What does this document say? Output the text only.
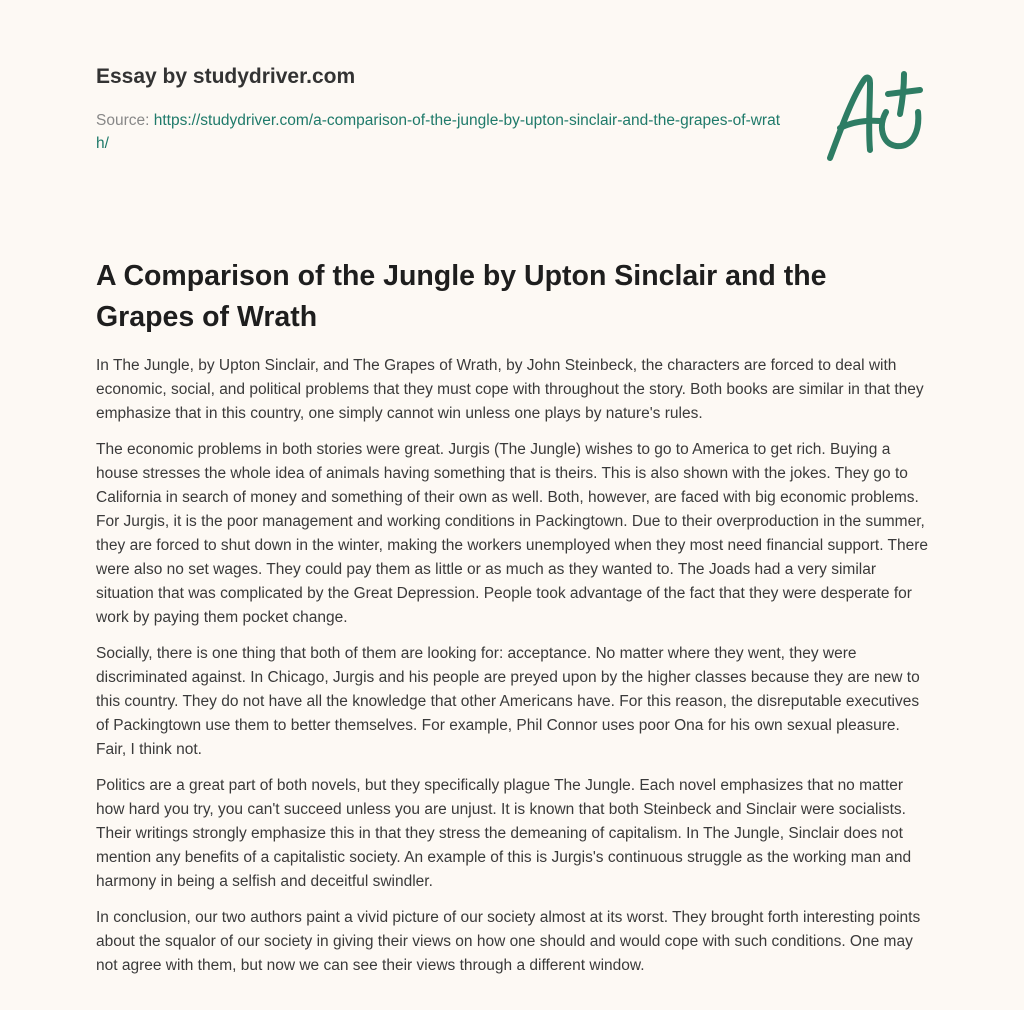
Essay by studydriver.com
Source: https://studydriver.com/a-comparison-of-the-jungle-by-upton-sinclair-and-the-grapes-of-wrath/
A Comparison of the Jungle by Upton Sinclair and the Grapes of Wrath

In The Jungle, by Upton Sinclair, and The Grapes of Wrath, by John Steinbeck, the characters are forced to deal with economic, social, and political problems that they must cope with throughout the story. Both books are similar in that they emphasize that in this country, one simply cannot win unless one plays by nature's rules.

The economic problems in both stories were great. Jurgis (The Jungle) wishes to go to America to get rich. Buying a house stresses the whole idea of animals having something that is theirs. This is also shown with the jokes. They go to California in search of money and something of their own as well. Both, however, are faced with big economic problems. For Jurgis, it is the poor management and working conditions in Packingtown. Due to their overproduction in the summer, they are forced to shut down in the winter, making the workers unemployed when they most need financial support. There were also no set wages. They could pay them as little or as much as they wanted to. The Joads had a very similar situation that was complicated by the Great Depression. People took advantage of the fact that they were desperate for work by paying them pocket change.

Socially, there is one thing that both of them are looking for: acceptance. No matter where they went, they were discriminated against. In Chicago, Jurgis and his people are preyed upon by the higher classes because they are new to this country. They do not have all the knowledge that other Americans have. For this reason, the disreputable executives of Packingtown use them to better themselves. For example, Phil Connor uses poor Ona for his own sexual pleasure. Fair, I think not.

Politics are a great part of both novels, but they specifically plague The Jungle. Each novel emphasizes that no matter how hard you try, you can't succeed unless you are unjust. It is known that both Steinbeck and Sinclair were socialists. Their writings strongly emphasize this in that they stress the demeaning of capitalism. In The Jungle, Sinclair does not mention any benefits of a capitalistic society. An example of this is Jurgis's continuous struggle as the working man and harmony in being a selfish and deceitful swindler.

In conclusion, our two authors paint a vivid picture of our society almost at its worst. They brought forth interesting points about the squalor of our society in giving their views on how one should and would cope with such conditions. One may not agree with them, but now we can see their views through a different window.
